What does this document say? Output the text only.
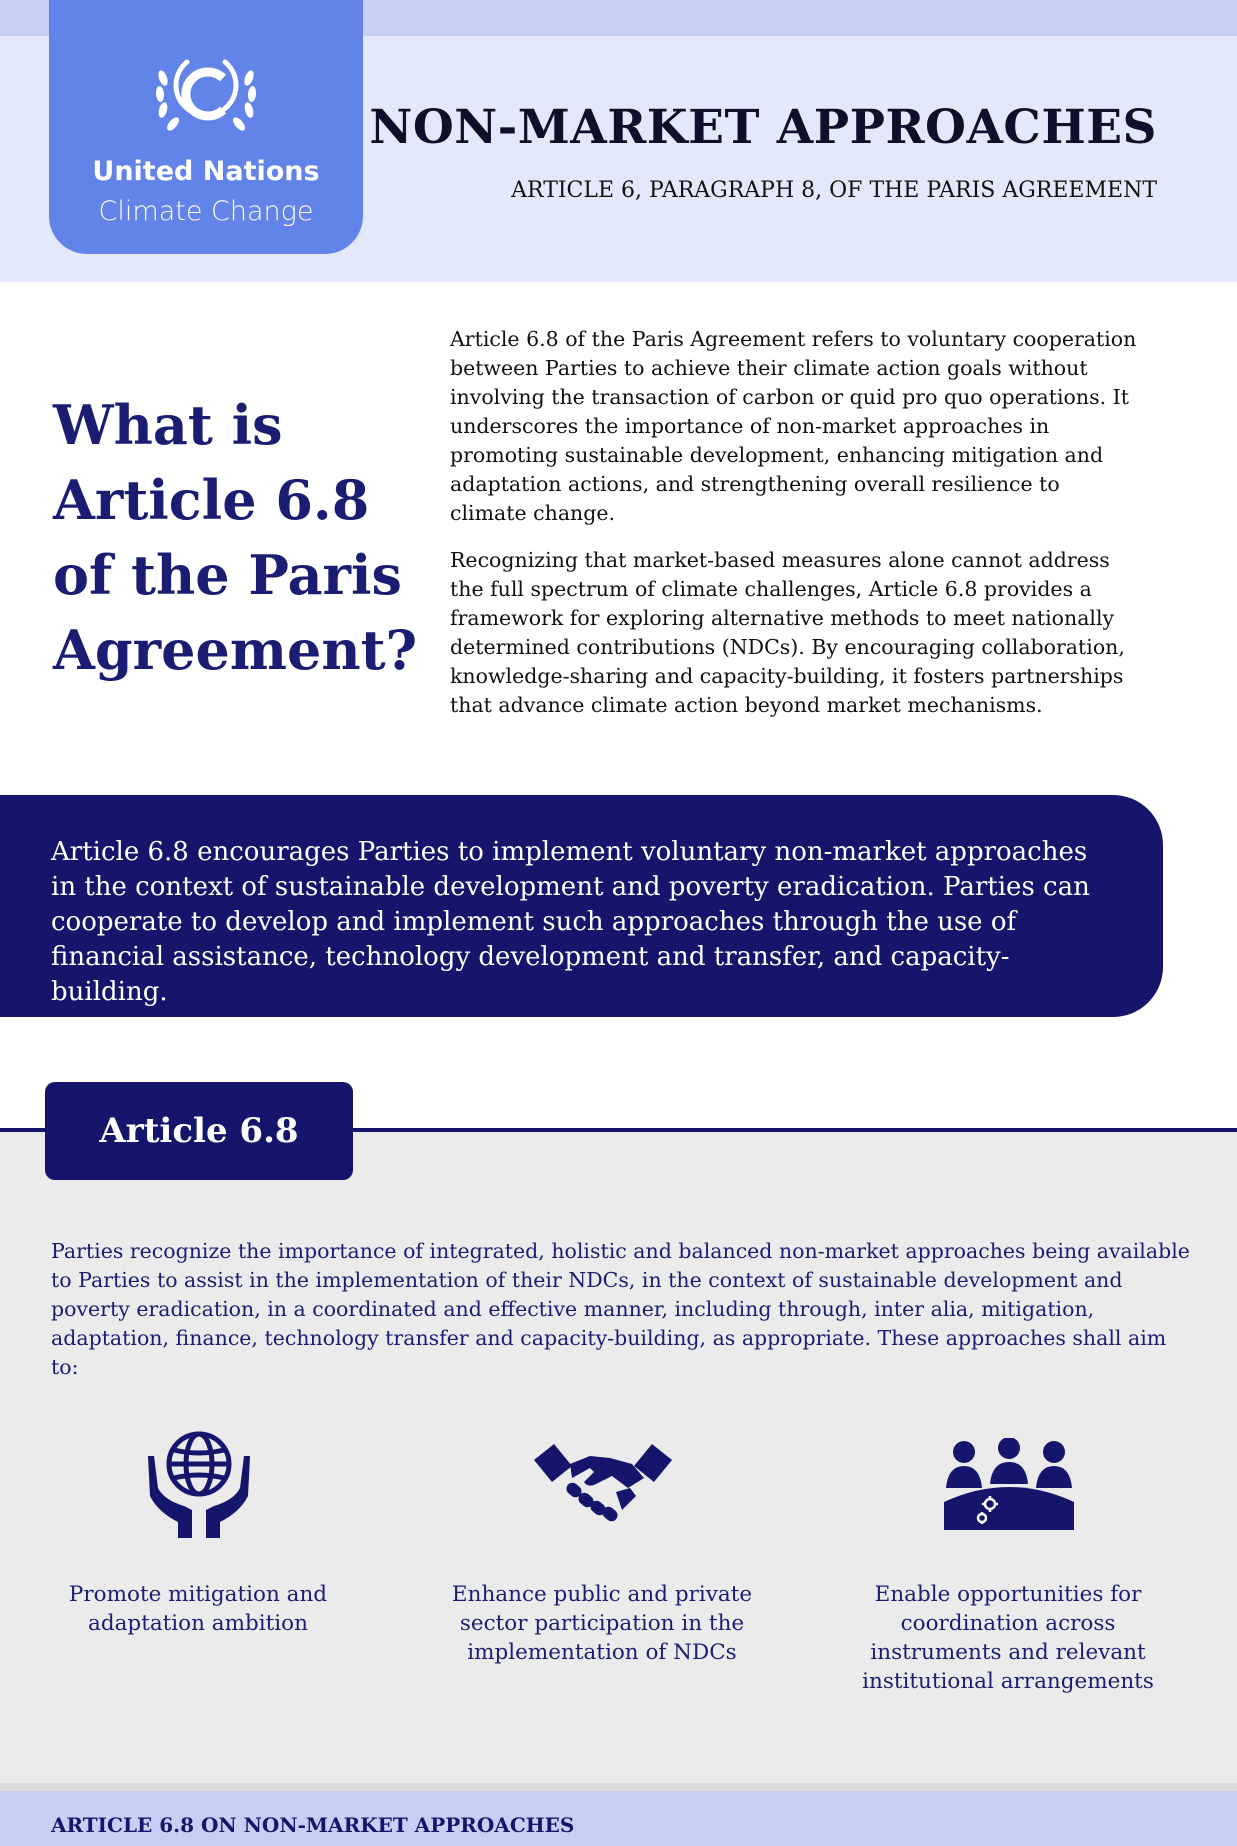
United Nations
Climate Change
NON-MARKET APPROACHES
ARTICLE 6, PARAGRAPH 8, OF THE PARIS AGREEMENT
What is
Article 6.8
of the Paris
Agreement?

Article 6.8 of the Paris Agreement refers to voluntary cooperation between Parties to achieve their climate action goals without involving the transaction of carbon or quid pro quo operations. It underscores the importance of non-market approaches in promoting sustainable development, enhancing mitigation and adaptation actions, and strengthening overall resilience to climate change.

Recognizing that market-based measures alone cannot address the full spectrum of climate challenges, Article 6.8 provides a framework for exploring alternative methods to meet nationally determined contributions (NDCs). By encouraging collaboration, knowledge-sharing and capacity-building, it fosters partnerships that advance climate action beyond market mechanisms.

Article 6.8 encourages Parties to implement voluntary non-market approaches in the context of sustainable development and poverty eradication. Parties can cooperate to develop and implement such approaches through the use of financial assistance, technology development and transfer, and capacity-building.
Article 6.8
Parties recognize the importance of integrated, holistic and balanced non-market approaches being available to Parties to assist in the implementation of their NDCs, in the context of sustainable development and poverty eradication, in a coordinated and effective manner, including through, inter alia, mitigation, adaptation, finance, technology transfer and capacity-building, as appropriate. These approaches shall aim to:
Promote mitigation and adaptation ambition
Enhance public and private sector participation in the implementation of NDCs
Enable opportunities for coordination across instruments and relevant institutional arrangements
ARTICLE 6.8 ON NON-MARKET APPROACHES
